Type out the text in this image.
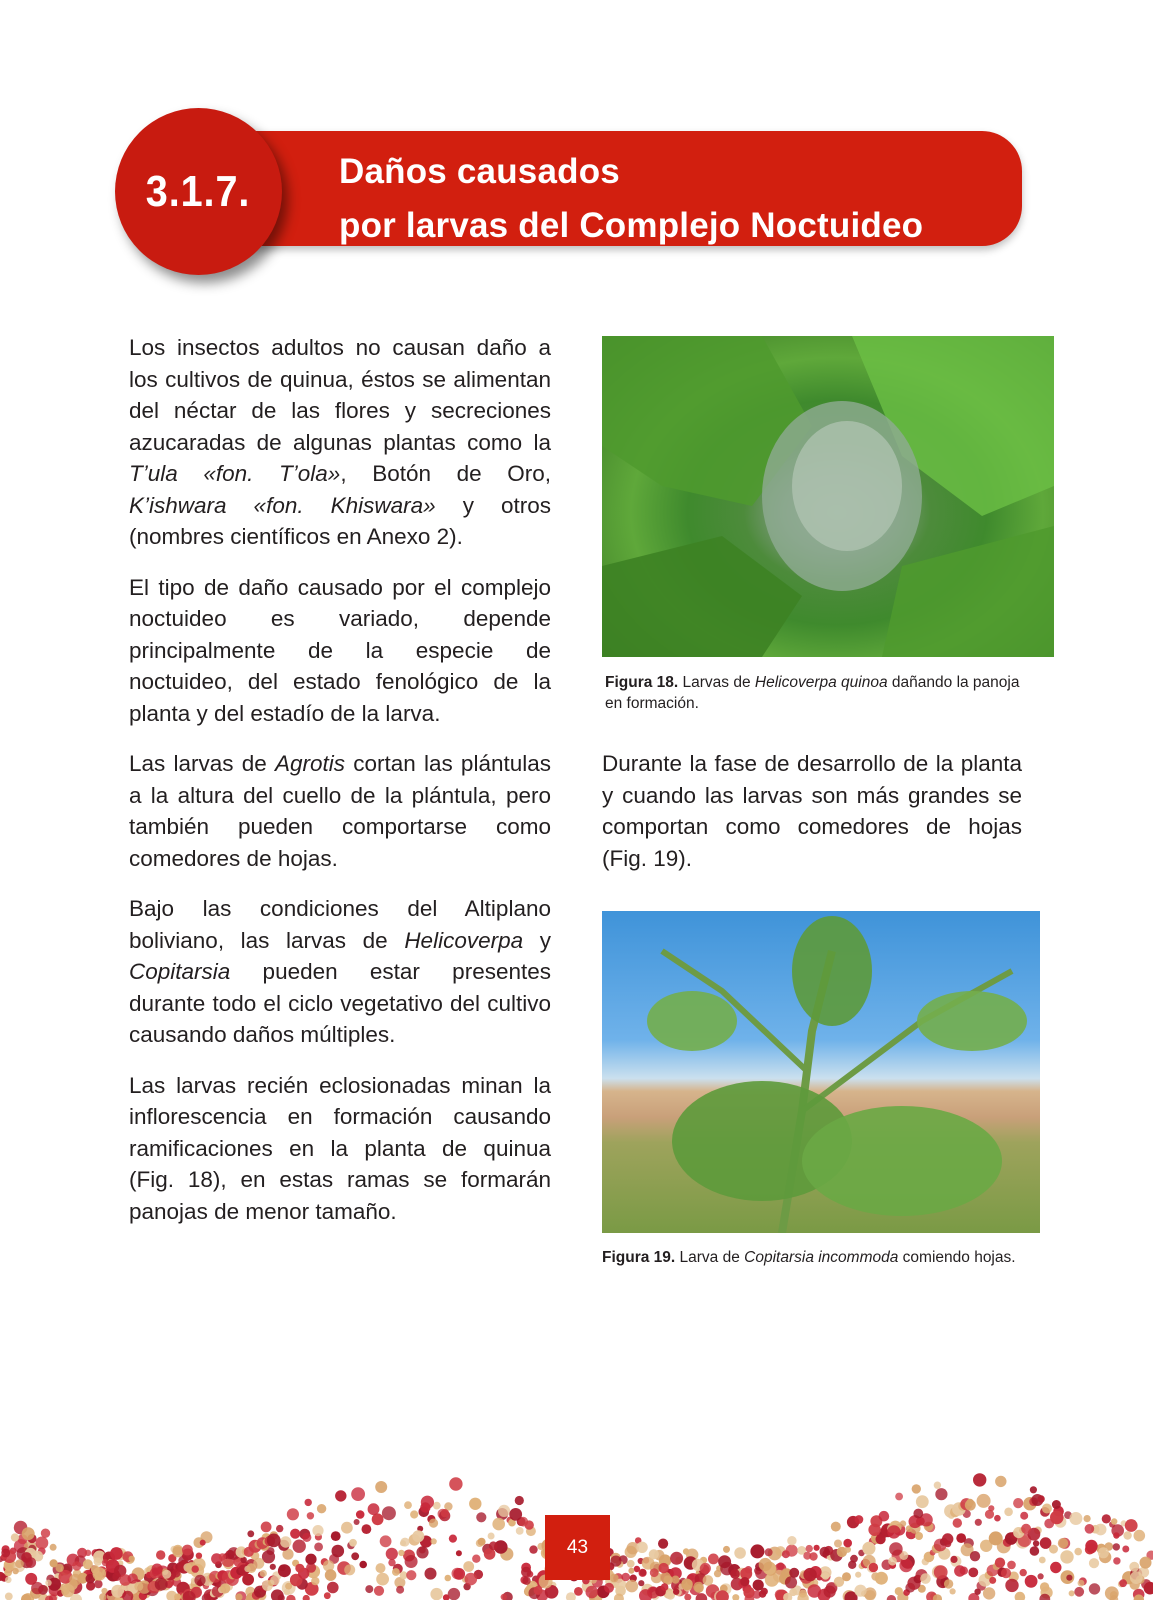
Daños causados
por larvas del Complejo Noctuideo
3.1.7.

Los insectos adultos no causan daño a los cultivos de quinua, éstos se alimentan del néctar de las flores y secreciones azucaradas de algunas plantas como la T’ula «fon. T’ola», Botón de Oro, K’ishwara «fon. Khiswara» y otros (nombres científicos en Anexo 2).

El tipo de daño causado por el complejo noctuideo es variado, depende principalmente de la especie de noctuideo, del estado fenológico de la planta y del estadío de la larva.

Las larvas de Agrotis cortan las plántulas a la altura del cuello de la plántula, pero también pueden comportarse como comedores de hojas.

Bajo las condiciones del Altiplano boliviano, las larvas de Helicoverpa y Copitarsia pueden estar presentes durante todo el ciclo vegetativo del cultivo causando daños múltiples.

Las larvas recién eclosionadas minan la inflorescencia en formación causando ramificaciones en la planta de quinua (Fig. 18), en estas ramas se formarán panojas de menor tamaño.

Figura 18. Larvas de Helicoverpa quinoa dañando la panoja en formación.

Durante la fase de desarrollo de la planta y cuando las larvas son más grandes se comportan como comedores de hojas (Fig. 19).

Figura 19. Larva de Copitarsia incommoda comiendo hojas.
43
